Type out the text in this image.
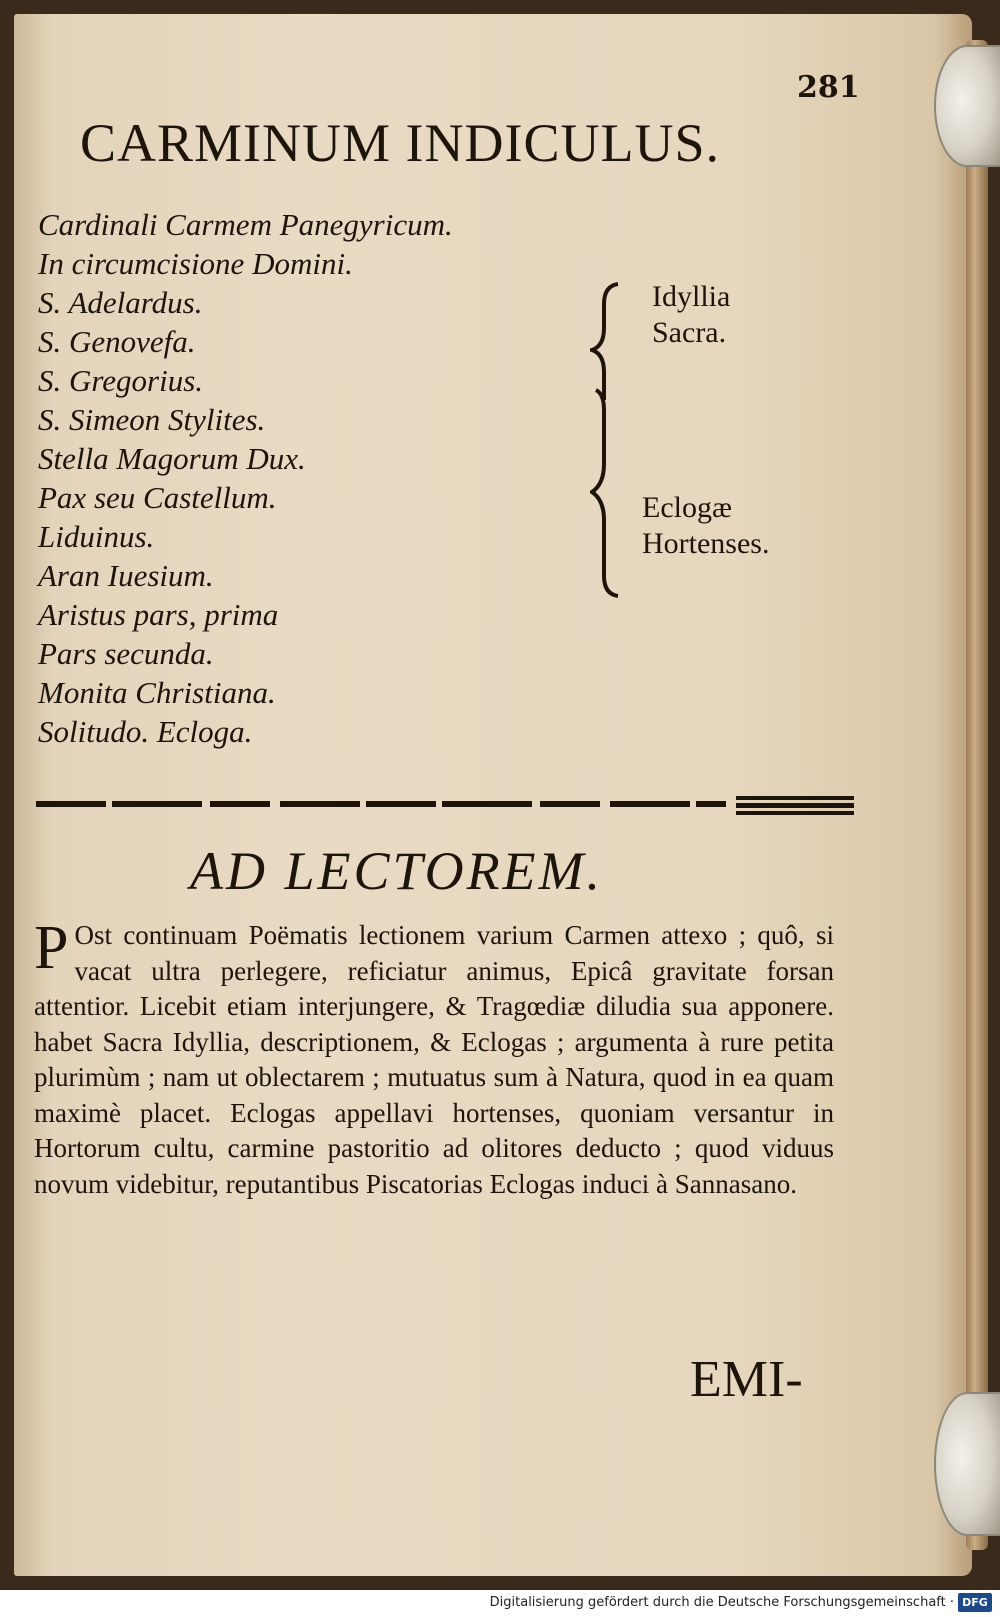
281
CARMINUM INDICULUS.
Cardinali Carmem Panegyricum.
In circumcisione Domini.
S. Adelardus.
S. Genovefa.
S. Gregorius.
S. Simeon Stylites.
Stella Magorum Dux.
Pax seu Castellum.
Liduinus.
Aran Iuesium.
Aristus pars, prima
Pars secunda.
Monita Christiana.
Solitudo. Ecloga.
Idyllia
Sacra.
Eclogæ
Hortenses.
AD LECTOREM.
P Ost continuam Poëmatis lectionem varium Carmen attexo ; quô, si vacat ultra perlegere, reficiatur animus, Epicâ gravitate forsan attentior. Licebit etiam interjungere, & Tragœdiæ diludia sua apponere. habet Sacra Idyllia, descriptionem, & Eclogas ; argumenta à rure petita plurimùm ; nam ut oblectarem ; mutuatus sum à Natura, quod in ea quam maximè placet. Eclogas appellavi hortenses, quoniam versantur in Hortorum cultu, carmine pastoritio ad olitores deducto ; quod viduus novum videbitur, reputantibus Piscatorias Eclogas induci à Sannasano.
EMI-
Digitalisierung gefördert durch die Deutsche Forschungsgemeinschaft · DFG
